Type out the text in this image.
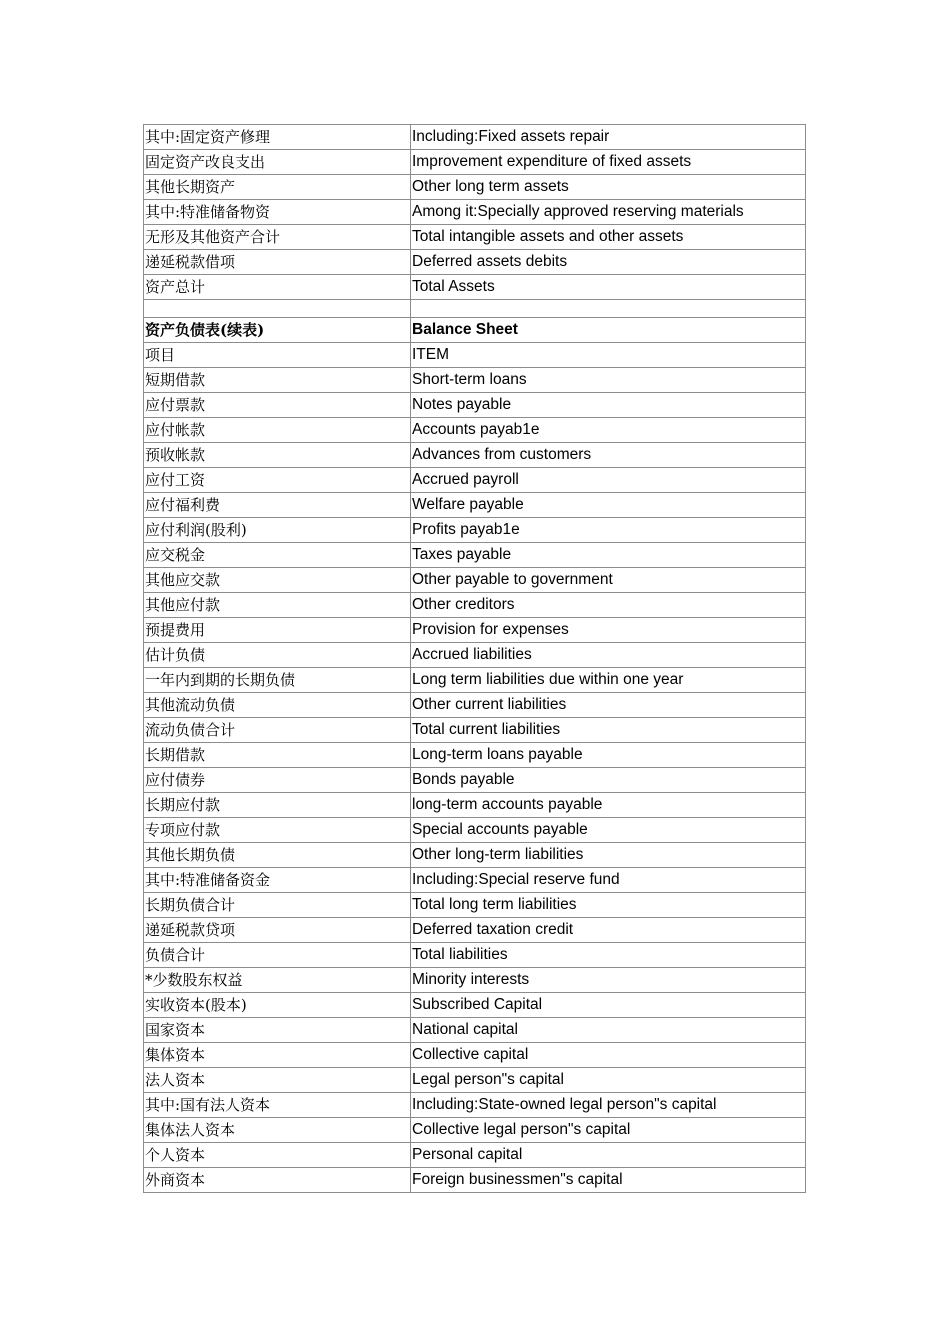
其中:固定资产修理	Including:Fixed assets repair
固定资产改良支出	Improvement expenditure of fixed assets
其他长期资产	Other long term assets
其中:特准储备物资	Among it:Specially approved reserving materials
无形及其他资产合计	Total intangible assets and other assets
递延税款借项	Deferred assets debits
资产总计	Total Assets

资产负债表(续表)	Balance Sheet
项目	ITEM
短期借款	Short-term loans
应付票款	Notes payable
应付帐款	Accounts payab1e
预收帐款	Advances from customers
应付工资	Accrued payroll
应付福利费	Welfare payable
应付利润(股利)	Profits payab1e
应交税金	Taxes payable
其他应交款	Other payable to government
其他应付款	Other creditors
预提费用	Provision for expenses
估计负债	Accrued liabilities
一年内到期的长期负债	Long term liabilities due within one year
其他流动负债	Other current liabilities
流动负债合计	Total current liabilities
长期借款	Long-term loans payable
应付债券	Bonds payable
长期应付款	long-term accounts payable
专项应付款	Special accounts payable
其他长期负债	Other long-term liabilities
其中:特准储备资金	Including:Special reserve fund
长期负债合计	Total long term liabilities
递延税款贷项	Deferred taxation credit
负债合计	Total liabilities
*少数股东权益	Minority interests
实收资本(股本)	Subscribed Capital
国家资本	National capital
集体资本	Collective capital
法人资本	Legal person"s capital
其中:国有法人资本	Including:State-owned legal person"s capital
集体法人资本	Collective legal person"s capital
个人资本	Personal capital
外商资本	Foreign businessmen"s capital
